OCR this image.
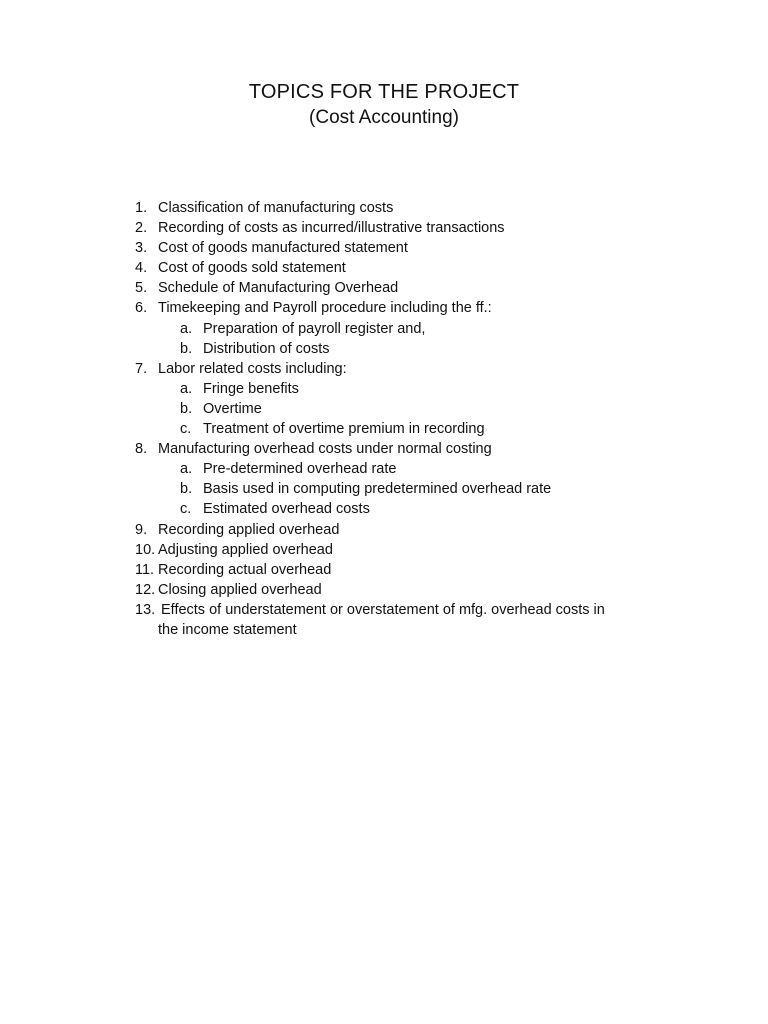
TOPICS FOR THE PROJECT
(Cost Accounting)
1. Classification of manufacturing costs
2. Recording of costs as incurred/illustrative transactions
3. Cost of goods manufactured statement
4. Cost of goods sold statement
5. Schedule of Manufacturing Overhead
6. Timekeeping and Payroll procedure including the ff.:
a. Preparation of payroll register and,
b. Distribution of costs
7. Labor related costs including:
a. Fringe benefits
b. Overtime
c. Treatment of overtime premium in recording
8. Manufacturing overhead costs under normal costing
a. Pre-determined overhead rate
b. Basis used in computing predetermined overhead rate
c. Estimated overhead costs
9. Recording applied overhead
10. Adjusting applied overhead
11. Recording actual overhead
12. Closing applied overhead
13. Effects of understatement or overstatement of mfg. overhead costs in
the income statement
